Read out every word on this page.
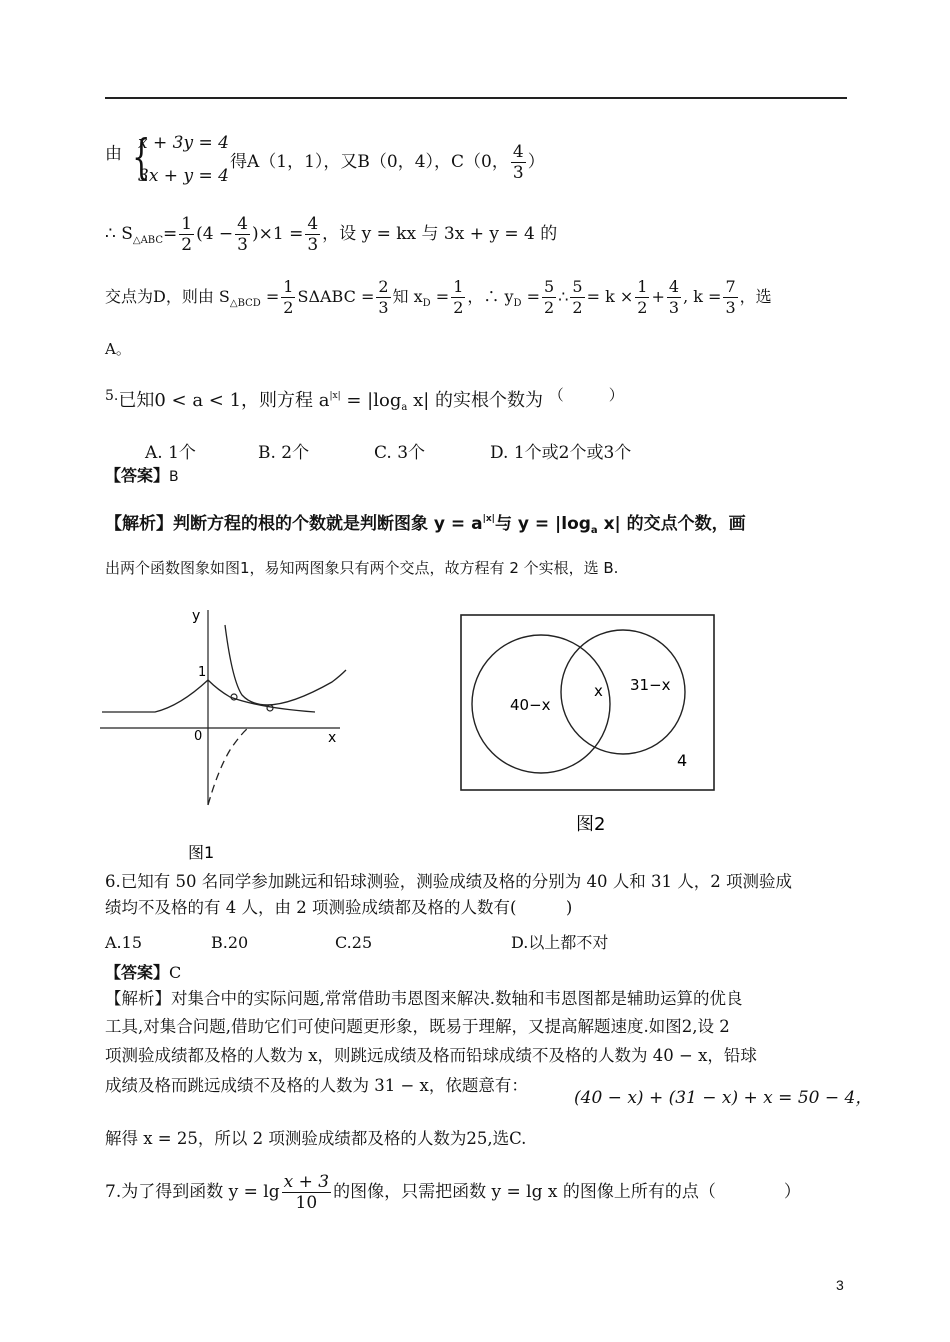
由 {
x + 3y = 4
3x + y = 4
得A（1，1），又B（0，4），C（0， $\frac{4}{3}$ ）
∴ $S_{\triangle ABC}= \frac{1}{2} (4 - \frac{4}{3} )\times 1 = \frac{4}{3}$ ，设 y = kx 与 3x + y = 4 的
交点为D，则由 $S_{\triangle BCD} = \frac{1}{2}$ $S\Delta ABC = \frac{2}{3}$ 知 $x_D = \frac{1}{2}$ ，∴ $y_D = \frac{5}{2}$ ∴ $\frac{5}{2} = k \times \frac{1}{2} + \frac{4}{3}$ , $k = \frac{7}{3}$ ，选
A。
$^{5.}$已知0 < a < 1，则方程 $a^{|x|} = |\log_a$ x| 的实根个数为 （　　　）
A. 1个	B. 2个	C. 3个	D. 1个或2个或3个
【答案】B
【解析】判断方程的根的个数就是判断图象 $y = a^{|x|}$与 $y = |\log_a$ x| 的交点个数，画
出两个函数图象如图1，易知两图象只有两个交点，故方程有 2 个实根，选 B.
y
x
1
0
图1
40−x
x 31−x
4
图2
6.已知有 50 名同学参加跳远和铅球测验，测验成绩及格的分别为 40 人和 31 人，2 项测验成
绩均不及格的有 4 人，由 2 项测验成绩都及格的人数有(　　　)
A.15	B.20	C.25	D.以上都不对
【答案】C
【解析】对集合中的实际问题,常常借助韦恩图来解决.数轴和韦恩图都是辅助运算的优良
工具,对集合问题,借助它们可使问题更形象，既易于理解，又提高解题速度.如图2,设 2
项测验成绩都及格的人数为 x，则跳远成绩及格而铅球成绩不及格的人数为 40 − x，铅球
成绩及格而跳远成绩不及格的人数为 31 − x，依题意有：
(40 − x) + (31 − x) + x = 50 − 4，
解得 x = 25，所以 2 项测验成绩都及格的人数为25,选C.
7.为了得到函数 $y = \lg \frac{x + 3}{10}$ 的图像，只需把函数 y = lg x 的图像上所有的点（　　　　）
3
